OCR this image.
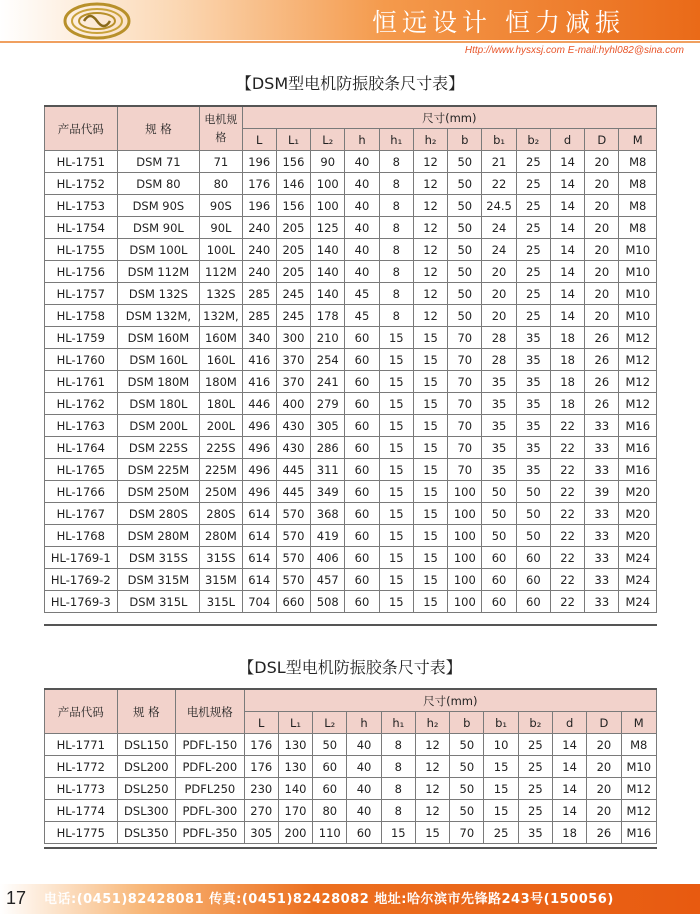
恒远设计 恒力减振
Http://www.hysxsj.com E-mail:hyhl082@sina.com
【DSM型电机防振胶条尺寸表】
产品代码	规 格	电机规格	尺寸(mm)											
			L	L₁	L₂	h	h₁	h₂	b	b₁	b₂	d	D	M
HL-1751	DSM 71	71	196	156	90	40	8	12	50	21	25	14	20	M8
HL-1752	DSM 80	80	176	146	100	40	8	12	50	22	25	14	20	M8
HL-1753	DSM 90S	90S	196	156	100	40	8	12	50	24.5	25	14	20	M8
HL-1754	DSM 90L	90L	240	205	125	40	8	12	50	24	25	14	20	M8
HL-1755	DSM 100L	100L	240	205	140	40	8	12	50	24	25	14	20	M10
HL-1756	DSM 112M	112M	240	205	140	40	8	12	50	20	25	14	20	M10
HL-1757	DSM 132S	132S	285	245	140	45	8	12	50	20	25	14	20	M10
HL-1758	DSM 132M,	132M,	285	245	178	45	8	12	50	20	25	14	20	M10
HL-1759	DSM 160M	160M	340	300	210	60	15	15	70	28	35	18	26	M12
HL-1760	DSM 160L	160L	416	370	254	60	15	15	70	28	35	18	26	M12
HL-1761	DSM 180M	180M	416	370	241	60	15	15	70	35	35	18	26	M12
HL-1762	DSM 180L	180L	446	400	279	60	15	15	70	35	35	18	26	M12
HL-1763	DSM 200L	200L	496	430	305	60	15	15	70	35	35	22	33	M16
HL-1764	DSM 225S	225S	496	430	286	60	15	15	70	35	35	22	33	M16
HL-1765	DSM 225M	225M	496	445	311	60	15	15	70	35	35	22	33	M16
HL-1766	DSM 250M	250M	496	445	349	60	15	15	100	50	50	22	39	M20
HL-1767	DSM 280S	280S	614	570	368	60	15	15	100	50	50	22	33	M20
HL-1768	DSM 280M	280M	614	570	419	60	15	15	100	50	50	22	33	M20
HL-1769-1	DSM 315S	315S	614	570	406	60	15	15	100	60	60	22	33	M24
HL-1769-2	DSM 315M	315M	614	570	457	60	15	15	100	60	60	22	33	M24
HL-1769-3	DSM 315L	315L	704	660	508	60	15	15	100	60	60	22	33	M24
【DSL型电机防振胶条尺寸表】
产品代码	规 格	电机规格	尺寸(mm)											
			L	L₁	L₂	h	h₁	h₂	b	b₁	b₂	d	D	M
HL-1771	DSL150	PDFL-150	176	130	50	40	8	12	50	10	25	14	20	M8
HL-1772	DSL200	PDFL-200	176	130	60	40	8	12	50	15	25	14	20	M10
HL-1773	DSL250	PDFL250	230	140	60	40	8	12	50	15	25	14	20	M12
HL-1774	DSL300	PDFL-300	270	170	80	40	8	12	50	15	25	14	20	M12
HL-1775	DSL350	PDFL-350	305	200	110	60	15	15	70	25	35	18	26	M16
17 电话:(0451)82428081 传真:(0451)82428082 地址:哈尔滨市先锋路243号(150056)
